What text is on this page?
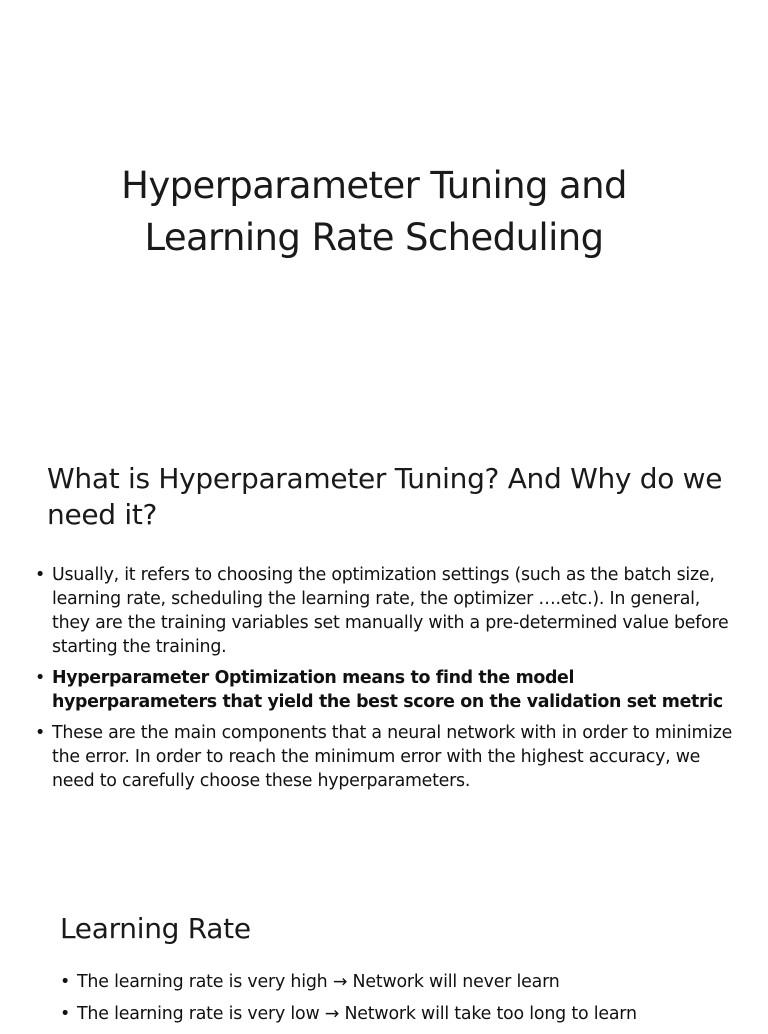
Hyperparameter Tuning and Learning Rate Scheduling
What is Hyperparameter Tuning? And Why do we need it?
• Usually, it refers to choosing the optimization settings (such as the batch size, learning rate, scheduling the learning rate, the optimizer ….etc.). In general, they are the training variables set manually with a pre-determined value before starting the training.
• Hyperparameter Optimization means to find the model hyperparameters that yield the best score on the validation set metric
• These are the main components that a neural network with in order to minimize the error. In order to reach the minimum error with the highest accuracy, we need to carefully choose these hyperparameters.
Learning Rate
• The learning rate is very high → Network will never learn
• The learning rate is very low → Network will take too long to learn
